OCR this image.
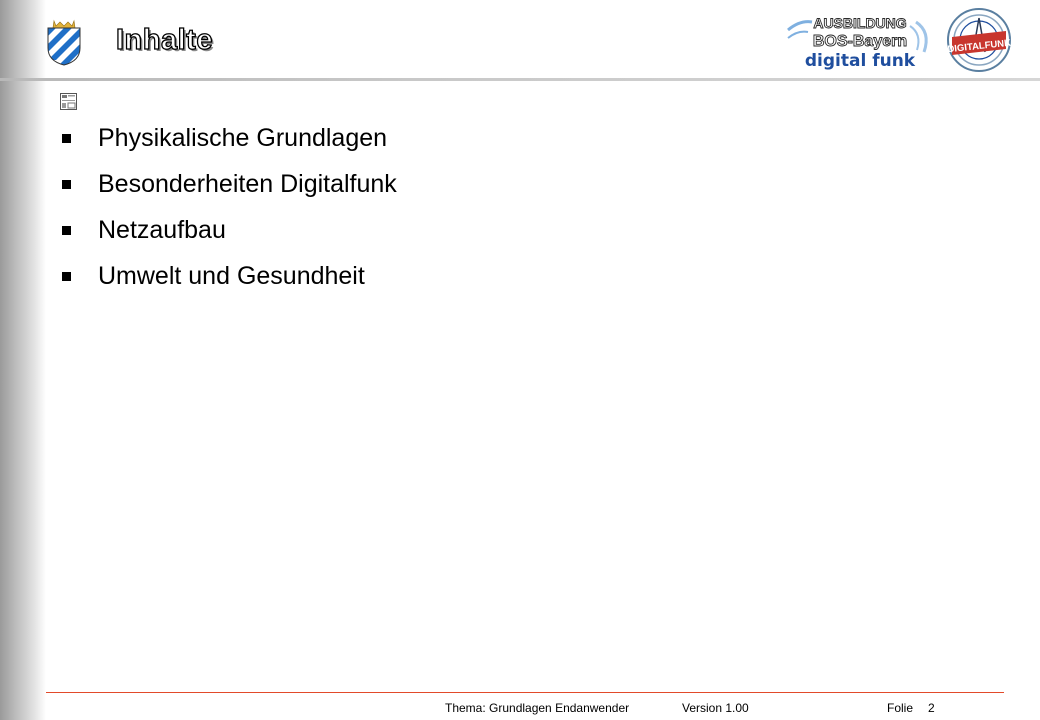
Inhalte
AUSBILDUNG
BOS-Bayern
digital funk
DIGITALFUNK
Physikalische Grundlagen
Besonderheiten Digitalfunk
Netzaufbau
Umwelt und Gesundheit
Thema: Grundlagen Endanwender	Version 1.00	Folie 2
